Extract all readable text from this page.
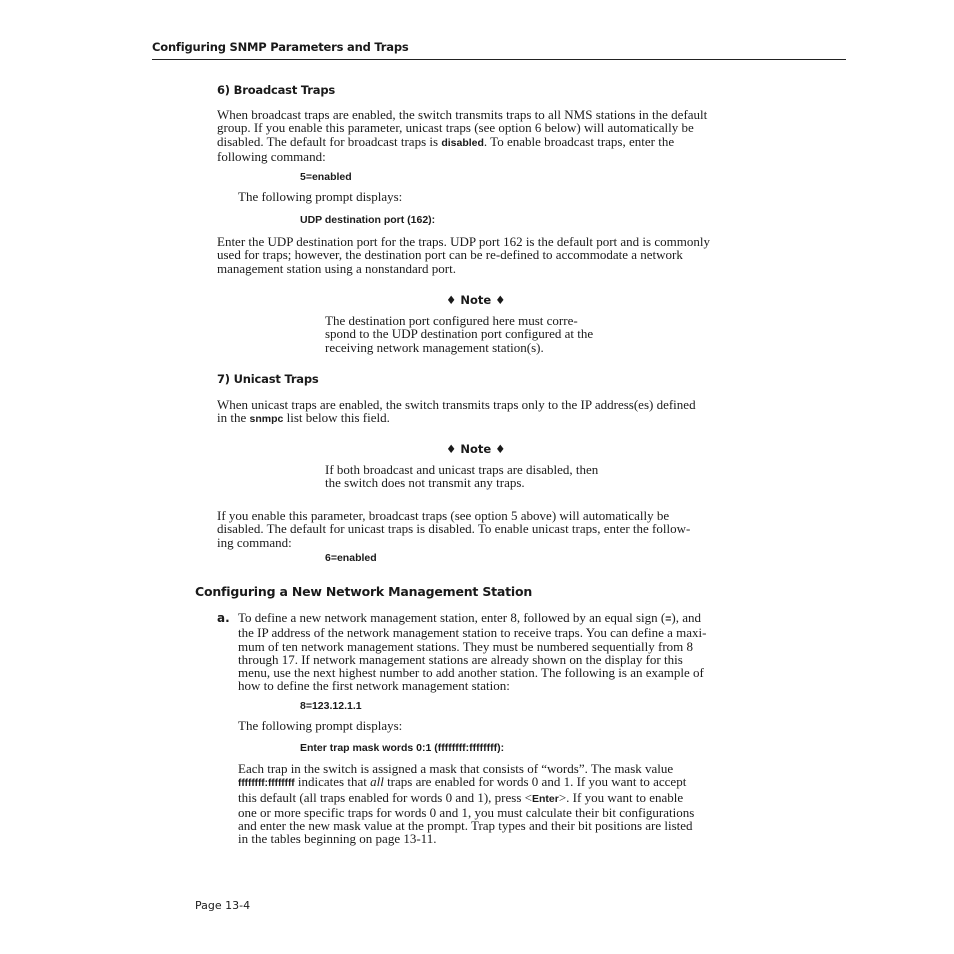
Configuring SNMP Parameters and Traps
6) Broadcast Traps
When broadcast traps are enabled, the switch transmits traps to all NMS stations in the default
group. If you enable this parameter, unicast traps (see option 6 below) will automatically be
disabled. The default for broadcast traps is disabled. To enable broadcast traps, enter the
following command:
5=enabled
The following prompt displays:
UDP destination port (162):
Enter the UDP destination port for the traps. UDP port 162 is the default port and is commonly
used for traps; however, the destination port can be re-defined to accommodate a network
management station using a nonstandard port.
♦ Note ♦
The destination port configured here must corre-
spond to the UDP destination port configured at the
receiving network management station(s).
7) Unicast Traps
When unicast traps are enabled, the switch transmits traps only to the IP address(es) defined
in the snmpc list below this field.
♦ Note ♦
If both broadcast and unicast traps are disabled, then
the switch does not transmit any traps.
If you enable this parameter, broadcast traps (see option 5 above) will automatically be
disabled. The default for unicast traps is disabled. To enable unicast traps, enter the follow-
ing command:
6=enabled
Configuring a New Network Management Station
a. To define a new network management station, enter 8, followed by an equal sign (=), and
the IP address of the network management station to receive traps. You can define a maxi-
mum of ten network management stations. They must be numbered sequentially from 8
through 17. If network management stations are already shown on the display for this
menu, use the next highest number to add another station. The following is an example of
how to define the first network management station:
8=123.12.1.1
The following prompt displays:
Enter trap mask words 0:1 (ffffffff:ffffffff):
Each trap in the switch is assigned a mask that consists of “words”. The mask value
ffffffff:ffffffff indicates that all traps are enabled for words 0 and 1. If you want to accept
this default (all traps enabled for words 0 and 1), press <Enter>. If you want to enable
one or more specific traps for words 0 and 1, you must calculate their bit configurations
and enter the new mask value at the prompt. Trap types and their bit positions are listed
in the tables beginning on page 13-11.
Page 13-4
